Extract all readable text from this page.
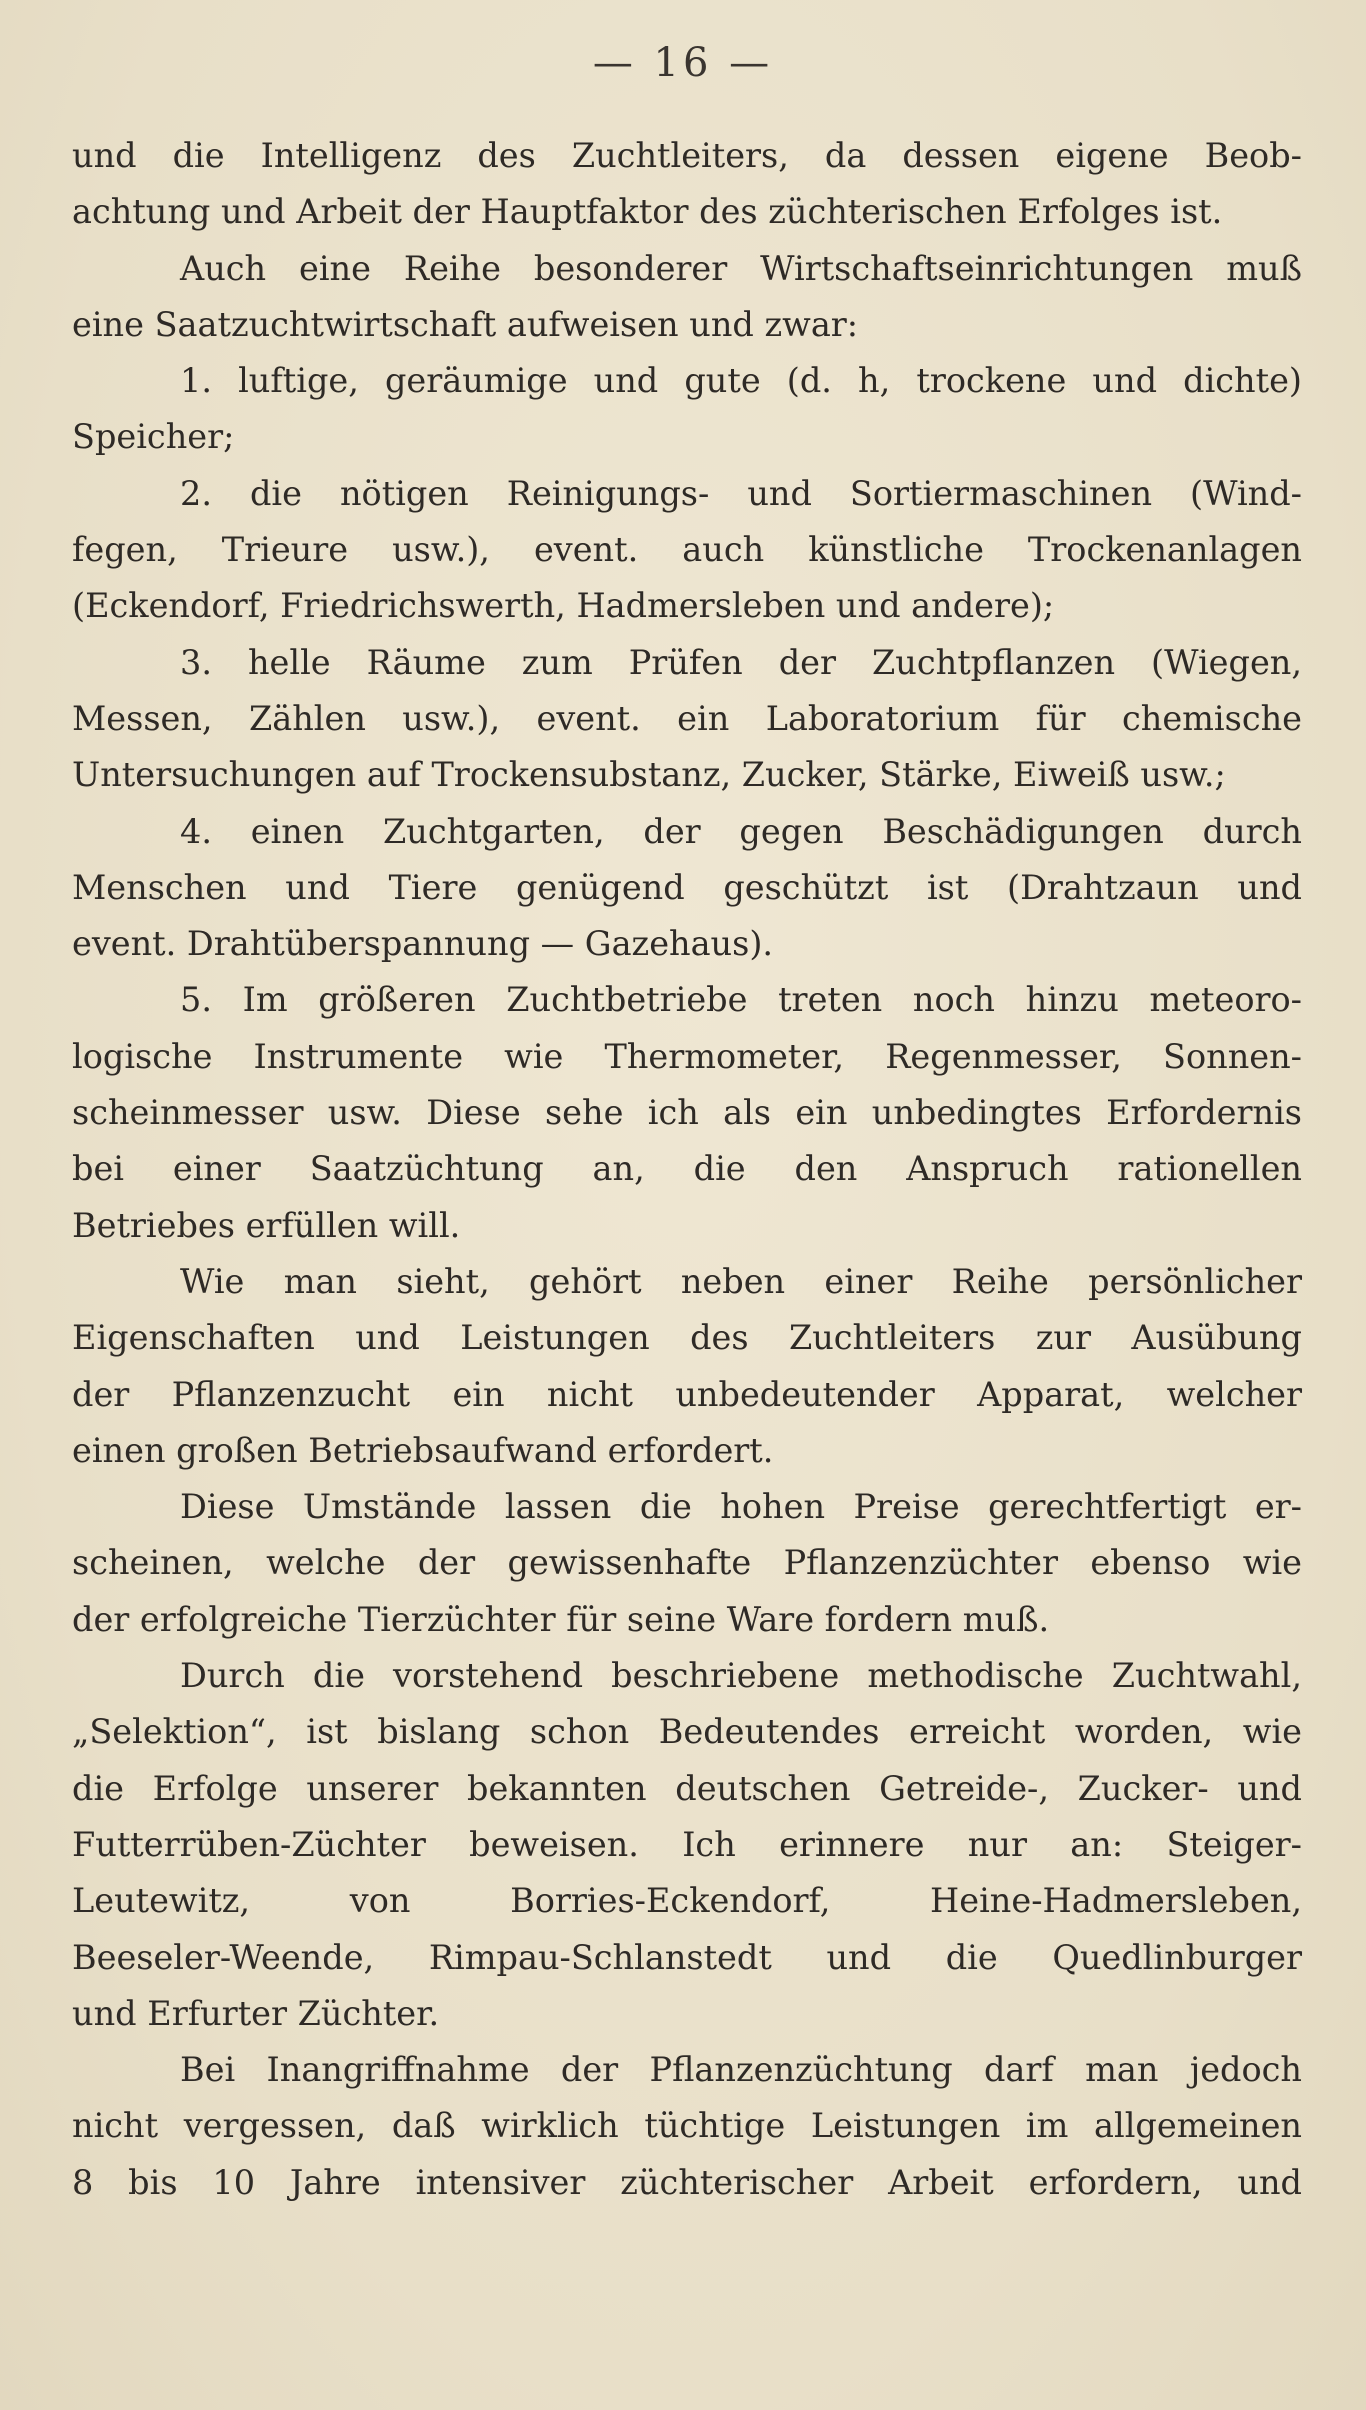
— 16 —
und die Intelligenz des Zuchtleiters, da dessen eigene Beob-
achtung und Arbeit der Hauptfaktor des züchterischen Erfolges ist.
Auch eine Reihe besonderer Wirtschaftseinrichtungen muß
eine Saatzuchtwirtschaft aufweisen und zwar:
1. luftige, geräumige und gute (d. h, trockene und dichte)
Speicher;
2. die nötigen Reinigungs- und Sortiermaschinen (Wind-
fegen, Trieure usw.), event. auch künstliche Trockenanlagen
(Eckendorf, Friedrichswerth, Hadmersleben und andere);
3. helle Räume zum Prüfen der Zuchtpflanzen (Wiegen,
Messen, Zählen usw.), event. ein Laboratorium für chemische
Untersuchungen auf Trockensubstanz, Zucker, Stärke, Eiweiß usw.;
4. einen Zuchtgarten, der gegen Beschädigungen durch
Menschen und Tiere genügend geschützt ist (Drahtzaun und
event. Drahtüberspannung — Gazehaus).
5. Im größeren Zuchtbetriebe treten noch hinzu meteoro-
logische Instrumente wie Thermometer, Regenmesser, Sonnen-
scheinmesser usw. Diese sehe ich als ein unbedingtes Erfordernis
bei einer Saatzüchtung an, die den Anspruch rationellen
Betriebes erfüllen will.
Wie man sieht, gehört neben einer Reihe persönlicher
Eigenschaften und Leistungen des Zuchtleiters zur Ausübung
der Pflanzenzucht ein nicht unbedeutender Apparat, welcher
einen großen Betriebsaufwand erfordert.
Diese Umstände lassen die hohen Preise gerechtfertigt er-
scheinen, welche der gewissenhafte Pflanzenzüchter ebenso wie
der erfolgreiche Tierzüchter für seine Ware fordern muß.
Durch die vorstehend beschriebene methodische Zuchtwahl,
„Selektion“, ist bislang schon Bedeutendes erreicht worden, wie
die Erfolge unserer bekannten deutschen Getreide-, Zucker- und
Futterrüben-Züchter beweisen. Ich erinnere nur an: Steiger-
Leutewitz, von Borries-Eckendorf, Heine-Hadmersleben,
Beeseler-Weende, Rimpau-Schlanstedt und die Quedlinburger
und Erfurter Züchter.
Bei Inangriffnahme der Pflanzenzüchtung darf man jedoch
nicht vergessen, daß wirklich tüchtige Leistungen im allgemeinen
8 bis 10 Jahre intensiver züchterischer Arbeit erfordern, und
